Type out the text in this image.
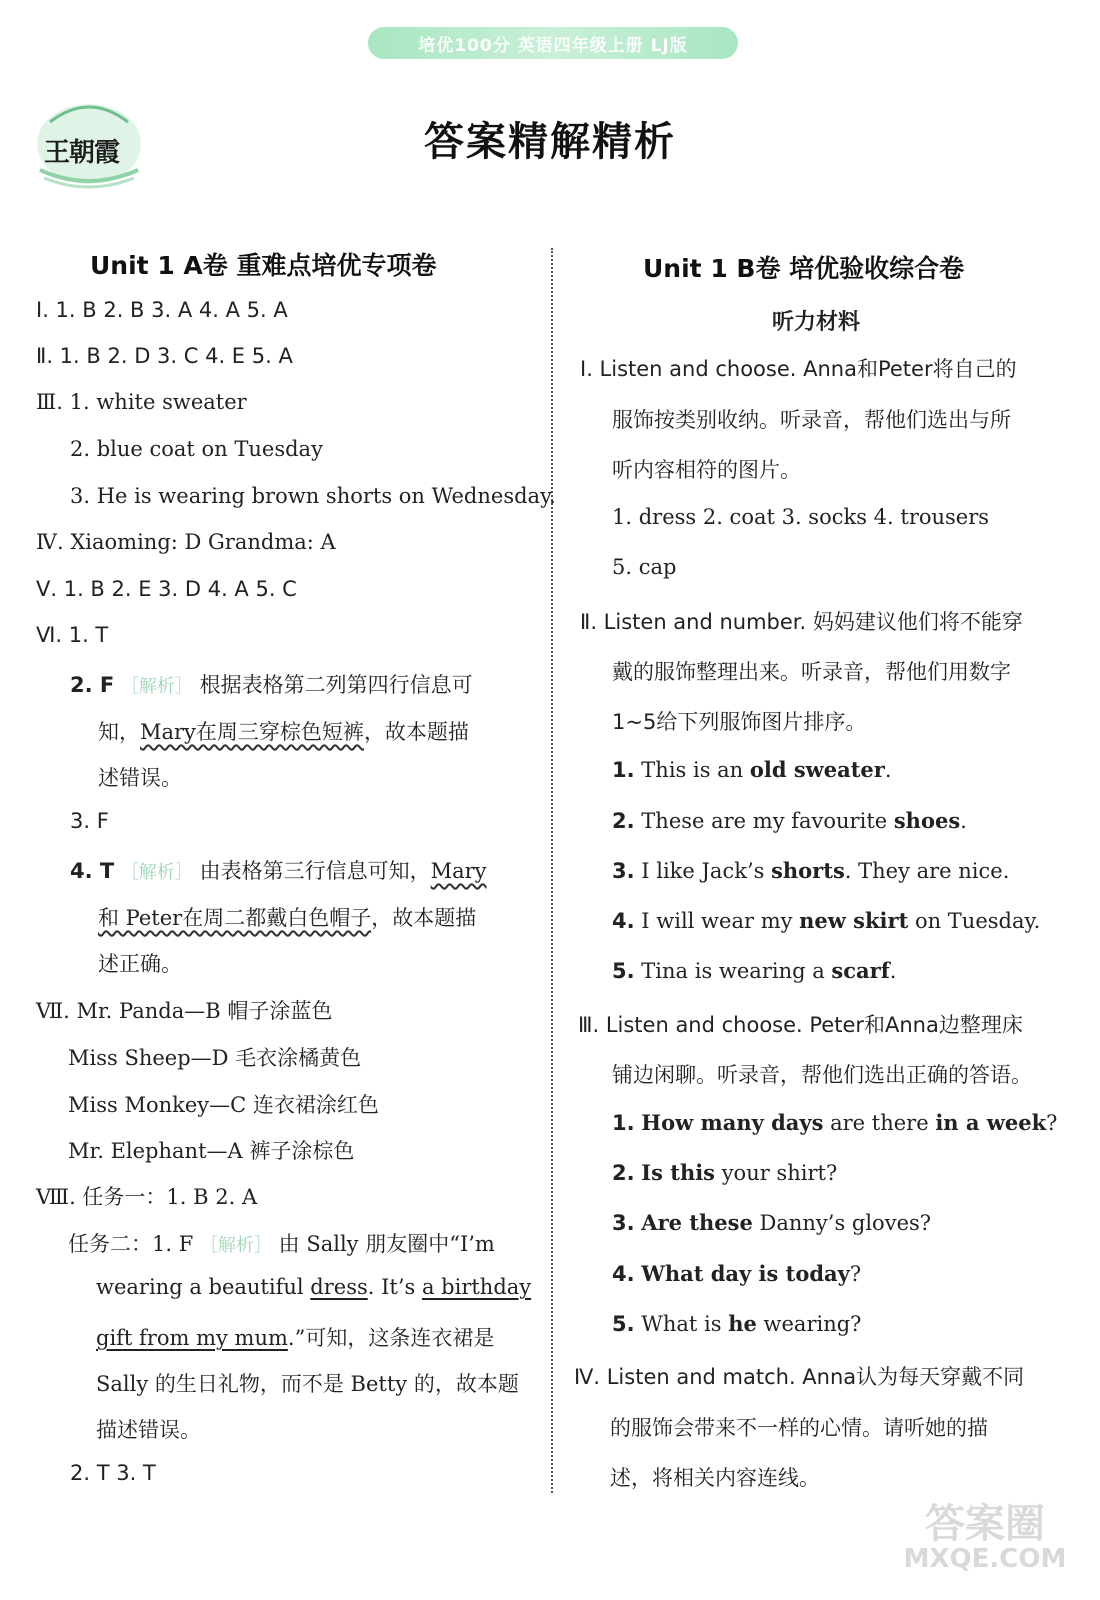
培优100分 英语四年级上册 LJ版
王朝霞	答案精解精析
Unit 1 A卷 重难点培优专项卷
Ⅰ. 1. B 2. B 3. A 4. A 5. A
Ⅱ. 1. B 2. D 3. C 4. E 5. A
Ⅲ. 1. white sweater
2. blue coat on Tuesday
3. He is wearing brown shorts on Wednesday.
Ⅳ. Xiaoming: D Grandma: A
Ⅴ. 1. B 2. E 3. D 4. A 5. C
Ⅵ. 1. T
2. F ［解析］ 根据表格第二列第四行信息可
知，Mary在周三穿棕色短裤，故本题描
述错误。
3. F
4. T ［解析］ 由表格第三行信息可知，Mary
和 Peter在周二都戴白色帽子，故本题描
述正确。
Ⅶ. Mr. Panda—B 帽子涂蓝色
Miss Sheep—D 毛衣涂橘黄色
Miss Monkey—C 连衣裙涂红色
Mr. Elephant—A 裤子涂棕色
Ⅷ. 任务一：1. B 2. A
任务二：1. F ［解析］ 由 Sally 朋友圈中“I’m
wearing a beautiful dress. It’s a birthday
gift from my mum.”可知，这条连衣裙是
Sally 的生日礼物，而不是 Betty 的，故本题
描述错误。
2. T 3. T
Unit 1 B卷 培优验收综合卷
听力材料
Ⅰ. Listen and choose. Anna和Peter将自己的
服饰按类别收纳。听录音，帮他们选出与所
听内容相符的图片。
1. dress 2. coat 3. socks 4. trousers
5. cap
Ⅱ. Listen and number. 妈妈建议他们将不能穿
戴的服饰整理出来。听录音，帮他们用数字
1~5给下列服饰图片排序。
1. This is an old sweater.
2. These are my favourite shoes.
3. I like Jack’s shorts. They are nice.
4. I will wear my new skirt on Tuesday.
5. Tina is wearing a scarf.
Ⅲ. Listen and choose. Peter和Anna边整理床
铺边闲聊。听录音，帮他们选出正确的答语。
1. How many days are there in a week?
2. Is this your shirt?
3. Are these Danny’s gloves?
4. What day is today?
5. What is he wearing?
Ⅳ. Listen and match. Anna认为每天穿戴不同
的服饰会带来不一样的心情。请听她的描
述，将相关内容连线。
答案圈
MXQE.COM
